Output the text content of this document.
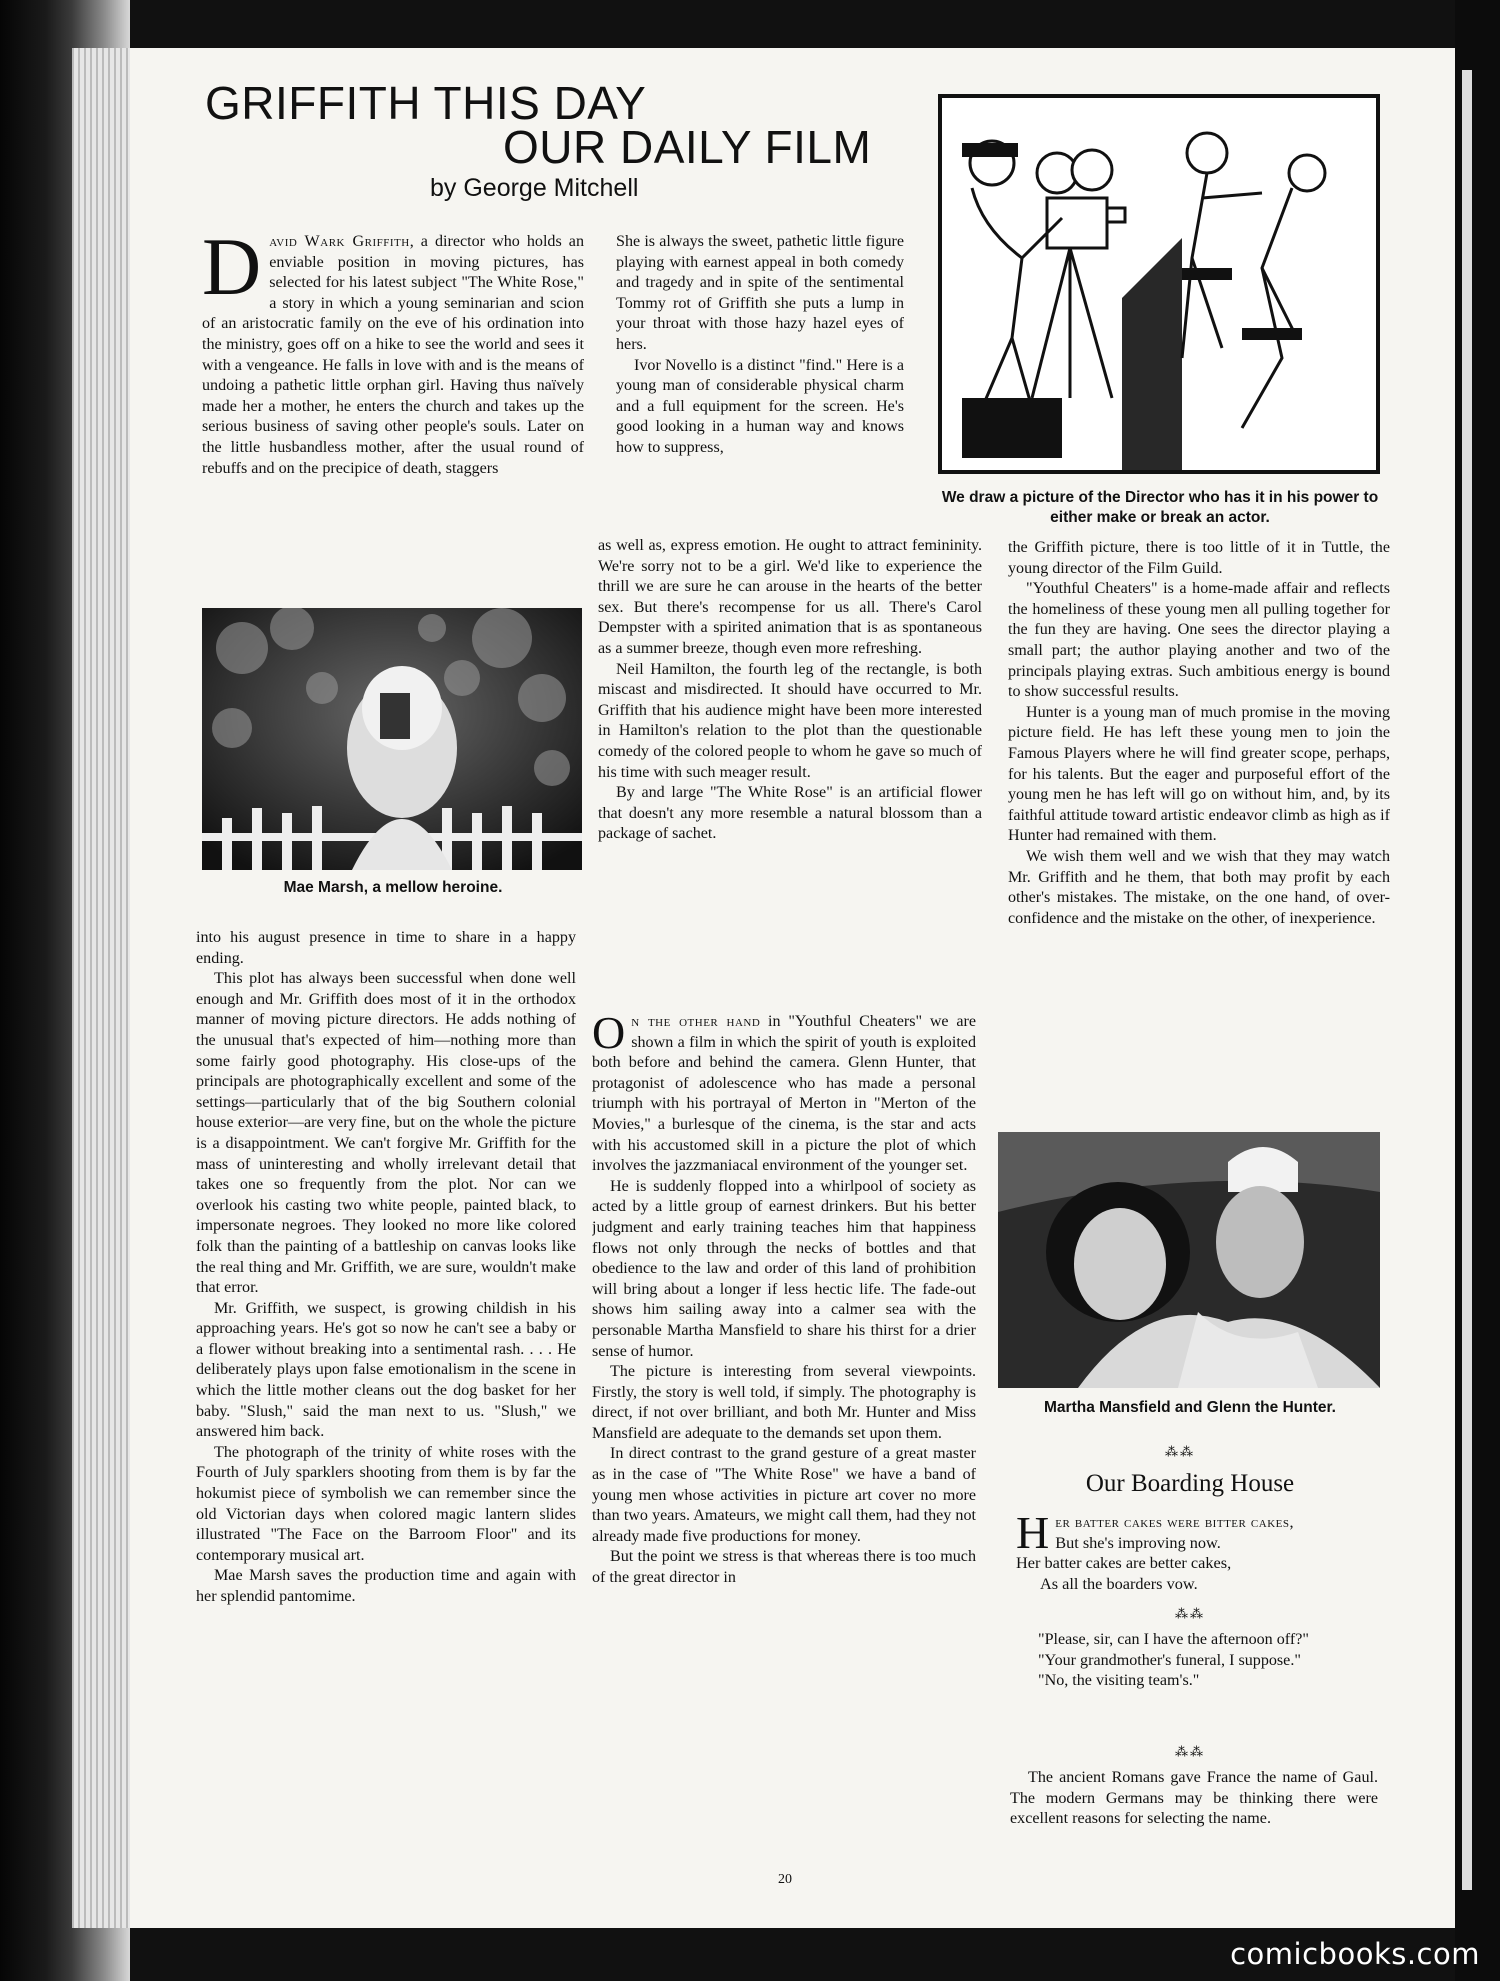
GRIFFITH THIS DAY
OUR DAILY FILM
by George Mitchell

David Wark Griffith, a director who holds an enviable position in moving pictures, has selected for his latest subject "The White Rose," a story in which a young seminarian and scion of an aristocratic family on the eve of his ordination into the ministry, goes off on a hike to see the world and sees it with a vengeance. He falls in love with and is the means of undoing a pathetic little orphan girl. Having thus naïvely made her a mother, he enters the church and takes up the serious business of saving other people's souls. Later on the little husbandless mother, after the usual round of rebuffs and on the precipice of death, staggers

Mae Marsh, a mellow heroine.

into his august presence in time to share in a happy ending.

This plot has always been successful when done well enough and Mr. Griffith does most of it in the orthodox manner of moving picture directors. He adds nothing of the unusual that's expected of him—nothing more than some fairly good photography. His close-ups of the principals are photographically excellent and some of the settings—particularly that of the big Southern colonial house exterior—are very fine, but on the whole the picture is a disappointment. We can't forgive Mr. Griffith for the mass of uninteresting and wholly irrelevant detail that takes one so frequently from the plot. Nor can we overlook his casting two white people, painted black, to impersonate negroes. They looked no more like colored folk than the painting of a battleship on canvas looks like the real thing and Mr. Griffith, we are sure, wouldn't make that error.

Mr. Griffith, we suspect, is growing childish in his approaching years. He's got so now he can't see a baby or a flower without breaking into a sentimental rash. . . . He deliberately plays upon false emotionalism in the scene in which the little mother cleans out the dog basket for her baby. "Slush," said the man next to us. "Slush," we answered him back.

The photograph of the trinity of white roses with the Fourth of July sparklers shooting from them is by far the hokumist piece of symbolish we can remember since the old Victorian days when colored magic lantern slides illustrated "The Face on the Barroom Floor" and its contemporary musical art.

Mae Marsh saves the production time and again with her splendid pantomime.

She is always the sweet, pathetic little figure playing with earnest appeal in both comedy and tragedy and in spite of the sentimental Tommy rot of Griffith she puts a lump in your throat with those hazy hazel eyes of hers.

Ivor Novello is a distinct "find." Here is a young man of considerable physical charm and a full equipment for the screen. He's good looking in a human way and knows how to suppress,

as well as, express emotion. He ought to attract femininity. We're sorry not to be a girl. We'd like to experience the thrill we are sure he can arouse in the hearts of the better sex. But there's recompense for us all. There's Carol Dempster with a spirited animation that is as spontaneous as a summer breeze, though even more refreshing.

Neil Hamilton, the fourth leg of the rectangle, is both miscast and misdirected. It should have occurred to Mr. Griffith that his audience might have been more interested in Hamilton's relation to the plot than the questionable comedy of the colored people to whom he gave so much of his time with such meager result.

By and large "The White Rose" is an artificial flower that doesn't any more resemble a natural blossom than a package of sachet.

On the other hand in "Youthful Cheaters" we are shown a film in which the spirit of youth is exploited both before and behind the camera. Glenn Hunter, that protagonist of adolescence who has made a personal triumph with his portrayal of Merton in "Merton of the Movies," a burlesque of the cinema, is the star and acts with his accustomed skill in a picture the plot of which involves the jazzmaniacal environment of the younger set.

He is suddenly flopped into a whirlpool of society as acted by a little group of earnest drinkers. But his better judgment and early training teaches him that happiness flows not only through the necks of bottles and that obedience to the law and order of this land of prohibition will bring about a longer if less hectic life. The fade-out shows him sailing away into a calmer sea with the personable Martha Mansfield to share his thirst for a drier sense of humor.

The picture is interesting from several viewpoints. Firstly, the story is well told, if simply. The photography is direct, if not over brilliant, and both Mr. Hunter and Miss Mansfield are adequate to the demands set upon them.

In direct contrast to the grand gesture of a great master as in the case of "The White Rose" we have a band of young men whose activities in picture art cover no more than two years. Amateurs, we might call them, had they not already made five productions for money.

But the point we stress is that whereas there is too much of the great director in

We draw a picture of the Director who has it in his power to either make or break an actor.

the Griffith picture, there is too little of it in Tuttle, the young director of the Film Guild.

"Youthful Cheaters" is a home-made affair and reflects the homeliness of these young men all pulling together for the fun they are having. One sees the director playing a small part; the author playing another and two of the principals playing extras. Such ambitious energy is bound to show successful results.

Hunter is a young man of much promise in the moving picture field. He has left these young men to join the Famous Players where he will find greater scope, perhaps, for his talents. But the eager and purposeful effort of the young men he has left will go on without him, and, by its faithful attitude toward artistic endeavor climb as high as if Hunter had remained with them.

We wish them well and we wish that they may watch Mr. Griffith and he them, that both may profit by each other's mistakes. The mistake, on the one hand, of over-confidence and the mistake on the other, of inexperience.

Martha Mansfield and Glenn the Hunter.
⁂⁂
Our Boarding House
Her batter cakes were bitter cakes,
But she's improving now.
Her batter cakes are better cakes,
As all the boarders vow.
⁂⁂

"Please, sir, can I have the afternoon off?"

"Your grandmother's funeral, I suppose."

"No, the visiting team's."

⁂⁂

The ancient Romans gave France the name of Gaul. The modern Germans may be thinking there were excellent reasons for selecting the name.

20
comicbooks.com
